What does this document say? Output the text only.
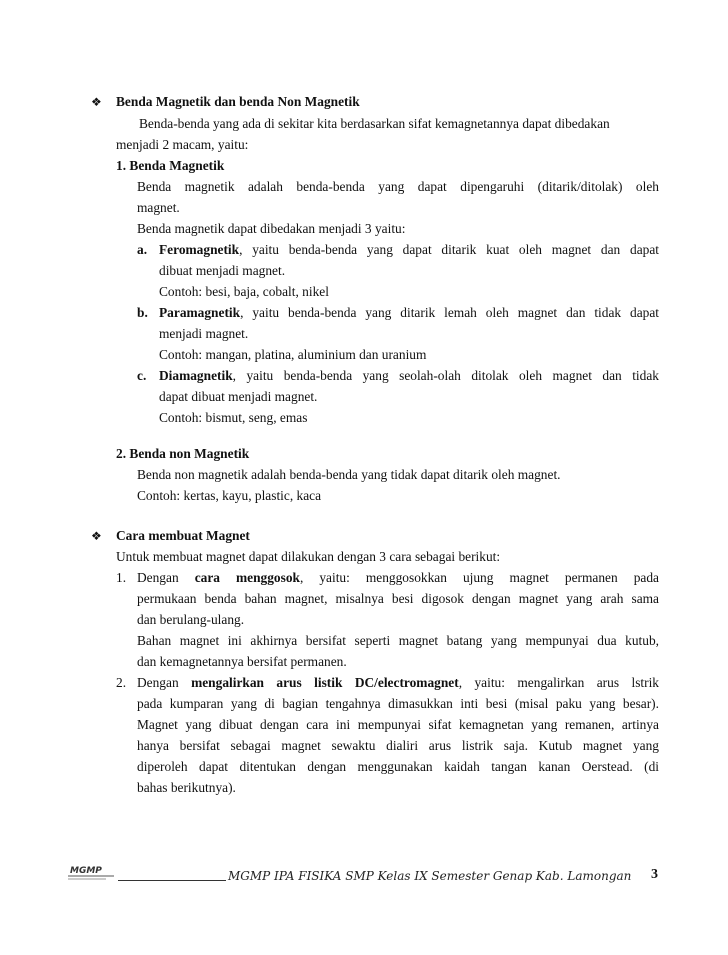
❖ Benda Magnetik dan benda Non Magnetik
Benda-benda yang ada di sekitar kita berdasarkan sifat kemagnetannya dapat dibedakan
menjadi 2 macam, yaitu:
1. Benda Magnetik
Benda magnetik adalah benda-benda yang dapat dipengaruhi (ditarik/ditolak) oleh
magnet.
Benda magnetik dapat dibedakan menjadi 3 yaitu:
a. Feromagnetik, yaitu benda-benda yang dapat ditarik kuat oleh magnet dan dapat
dibuat menjadi magnet.
Contoh: besi, baja, cobalt, nikel
b. Paramagnetik, yaitu benda-benda yang ditarik lemah oleh magnet dan tidak dapat
menjadi magnet.
Contoh: mangan, platina, aluminium dan uranium
c. Diamagnetik, yaitu benda-benda yang seolah-olah ditolak oleh magnet dan tidak
dapat dibuat menjadi magnet.
Contoh: bismut, seng, emas
2. Benda non Magnetik
Benda non magnetik adalah benda-benda yang tidak dapat ditarik oleh magnet.
Contoh: kertas, kayu, plastic, kaca
❖ Cara membuat Magnet
Untuk membuat magnet dapat dilakukan dengan 3 cara sebagai berikut:
1. Dengan cara menggosok, yaitu: menggosokkan ujung magnet permanen pada
permukaan benda bahan magnet, misalnya besi digosok dengan magnet yang arah sama
dan berulang-ulang.
Bahan magnet ini akhirnya bersifat seperti magnet batang yang mempunyai dua kutub,
dan kemagnetannya bersifat permanen.
2. Dengan mengalirkan arus listik DC/electromagnet, yaitu: mengalirkan arus lstrik
pada kumparan yang di bagian tengahnya dimasukkan inti besi (misal paku yang besar).
Magnet yang dibuat dengan cara ini mempunyai sifat kemagnetan yang remanen, artinya
hanya bersifat sebagai magnet sewaktu dialiri arus listrik saja. Kutub magnet yang
diperoleh dapat ditentukan dengan menggunakan kaidah tangan kanan Oerstead. (di
bahas berikutnya).
MGMP	MGMP IPA FISIKA SMP Kelas IX Semester Genap Kab. Lamongan 3
